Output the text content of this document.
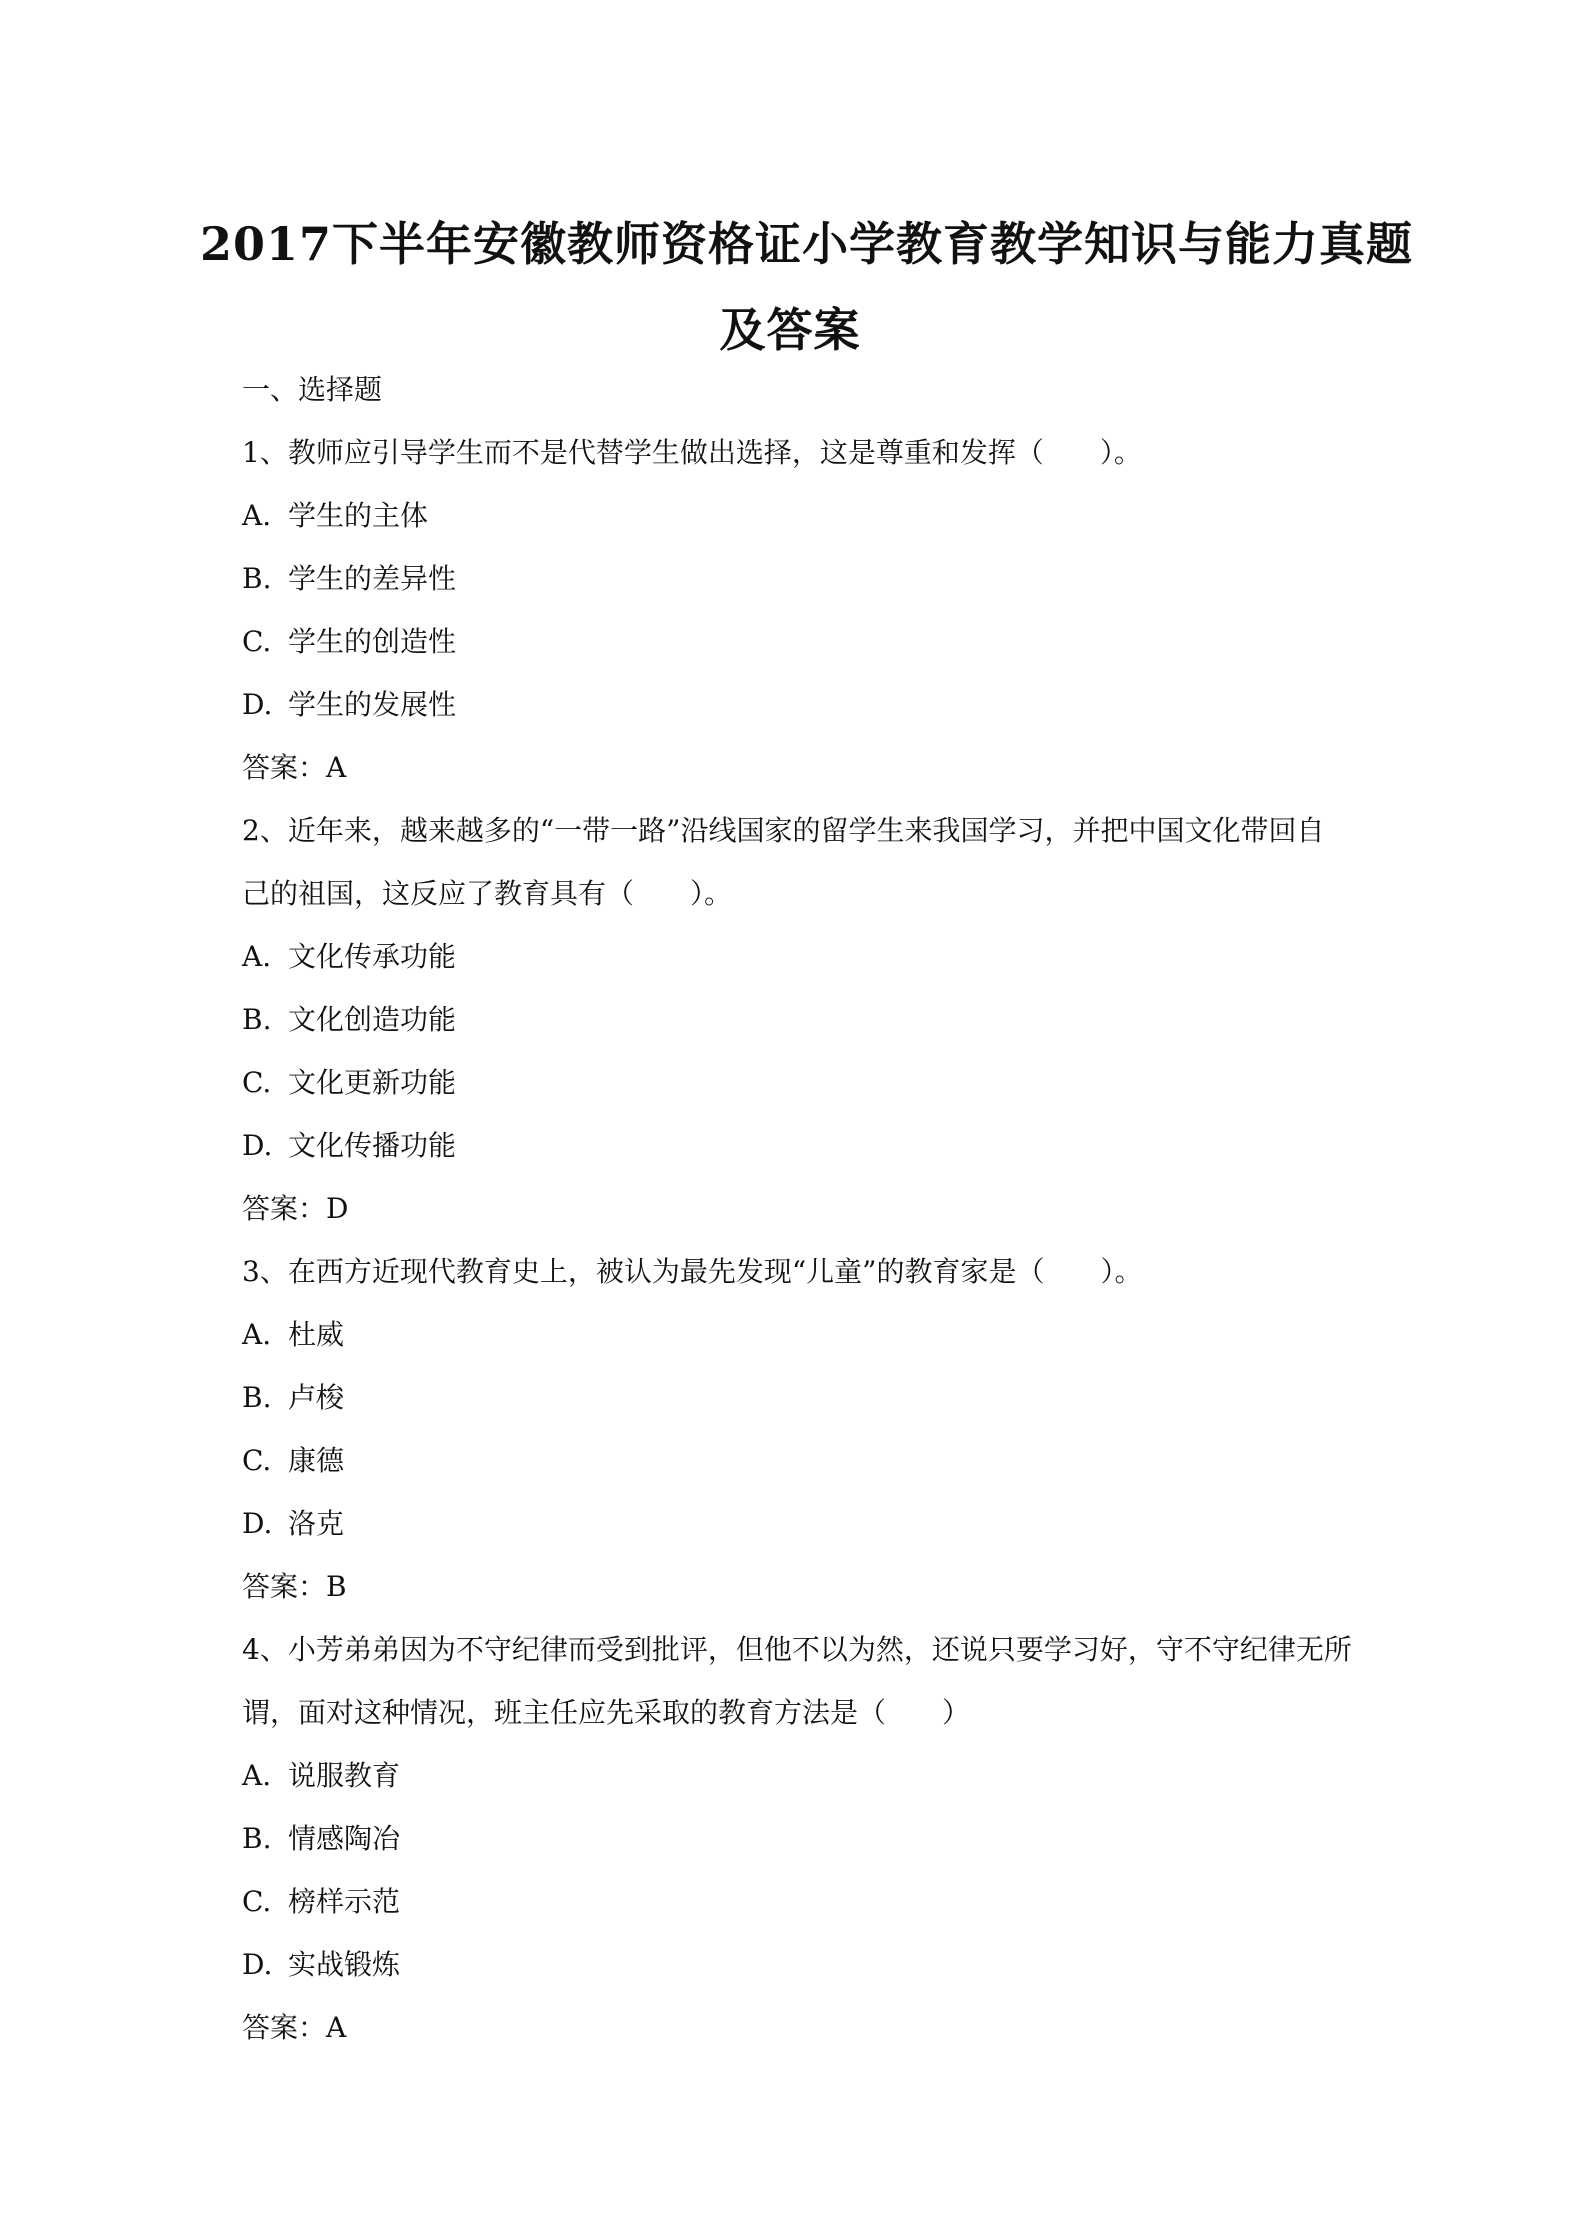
2017下半年安徽教师资格证小学教育教学知识与能力真题
及答案
一、选择题
1、教师应引导学生而不是代替学生做出选择，这是尊重和发挥（　　）。
A. 学生的主体
B. 学生的差异性
C. 学生的创造性
D. 学生的发展性
答案：A
2、近年来，越来越多的“一带一路”沿线国家的留学生来我国学习，并把中国文化带回自
己的祖国，这反应了教育具有（　　）。
A. 文化传承功能
B. 文化创造功能
C. 文化更新功能
D. 文化传播功能
答案：D
3、在西方近现代教育史上，被认为最先发现“儿童”的教育家是（　　）。
A. 杜威
B. 卢梭
C. 康德
D. 洛克
答案：B
4、小芳弟弟因为不守纪律而受到批评，但他不以为然，还说只要学习好，守不守纪律无所
谓，面对这种情况，班主任应先采取的教育方法是（　　）
A. 说服教育
B. 情感陶冶
C. 榜样示范
D. 实战锻炼
答案：A
